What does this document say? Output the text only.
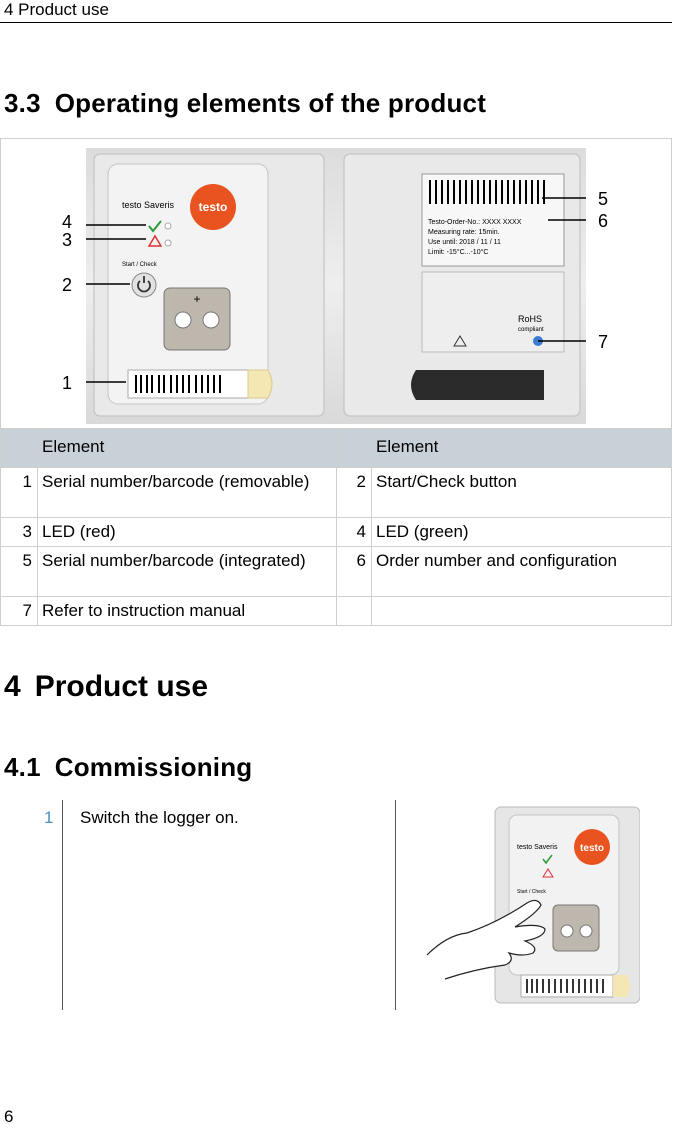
4 Product use
3.3 Operating elements of the product
testo Saveris testo
Start / Check
+
Testo-Order-No.: XXXX XXXX
Measuring rate: 15min.
Use until: 2018 / 11 / 11
Limit: -15°C...-10°C
RoHS
compliant
4
3
2
1
5
6
7
	Element		Element
1	Serial number/barcode (removable)	2	Start/Check button
3	LED (red)	4	LED (green)
5	Serial number/barcode (integrated)	6	Order number and configuration
7	Refer to instruction manual		
4 Product use
4.1 Commissioning
1 Switch the logger on.
testo Saveris testo
Start / Check
6
